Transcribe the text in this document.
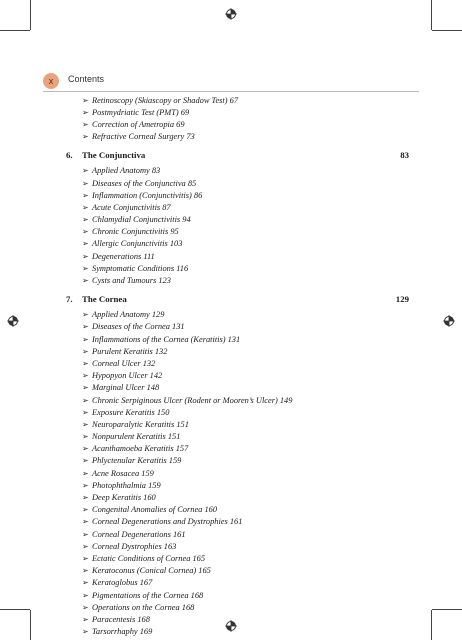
x	Contents
➢ Retinoscopy (Skiascopy or Shadow Test) 67
➢ Postmydriatic Test (PMT) 69
➢ Correction of Ametropia 69
➢ Refractive Corneal Surgery 73
6.	The Conjunctiva	83
➢ Applied Anatomy 83
➢ Diseases of the Conjunctiva 85
➢ Inflammation (Conjunctivitis) 86
➢ Acute Conjunctivitis 87
➢ Chlamydial Conjunctivitis 94
➢ Chronic Conjunctivitis 95
➢ Allergic Conjunctivitis 103
➢ Degenerations 111
➢ Symptomatic Conditions 116
➢ Cysts and Tumours 123
7.	The Cornea	129
➢ Applied Anatomy 129
➢ Diseases of the Cornea 131
➢ Inflammations of the Cornea (Keratitis) 131
➢ Purulent Keratitis 132
➢ Corneal Ulcer 132
➢ Hypopyon Ulcer 142
➢ Marginal Ulcer 148
➢ Chronic Serpiginous Ulcer (Rodent or Mooren’s Ulcer) 149
➢ Exposure Keratitis 150
➢ Neuroparalytic Keratitis 151
➢ Nonpurulent Keratitis 151
➢ Acanthamoeba Keratitis 157
➢ Phlyctenular Keratitis 159
➢ Acne Rosacea 159
➢ Photophthalmia 159
➢ Deep Keratitis 160
➢ Congenital Anomalies of Cornea 160
➢ Corneal Degenerations and Dystrophies 161
➢ Corneal Degenerations 161
➢ Corneal Dystrophies 163
➢ Ectatic Conditions of Cornea 165
➢ Keratoconus (Conical Cornea) 165
➢ Keratoglobus 167
➢ Pigmentations of the Cornea 168
➢ Operations on the Cornea 168
➢ Paracentesis 168
➢ Tarsorrhaphy 169
